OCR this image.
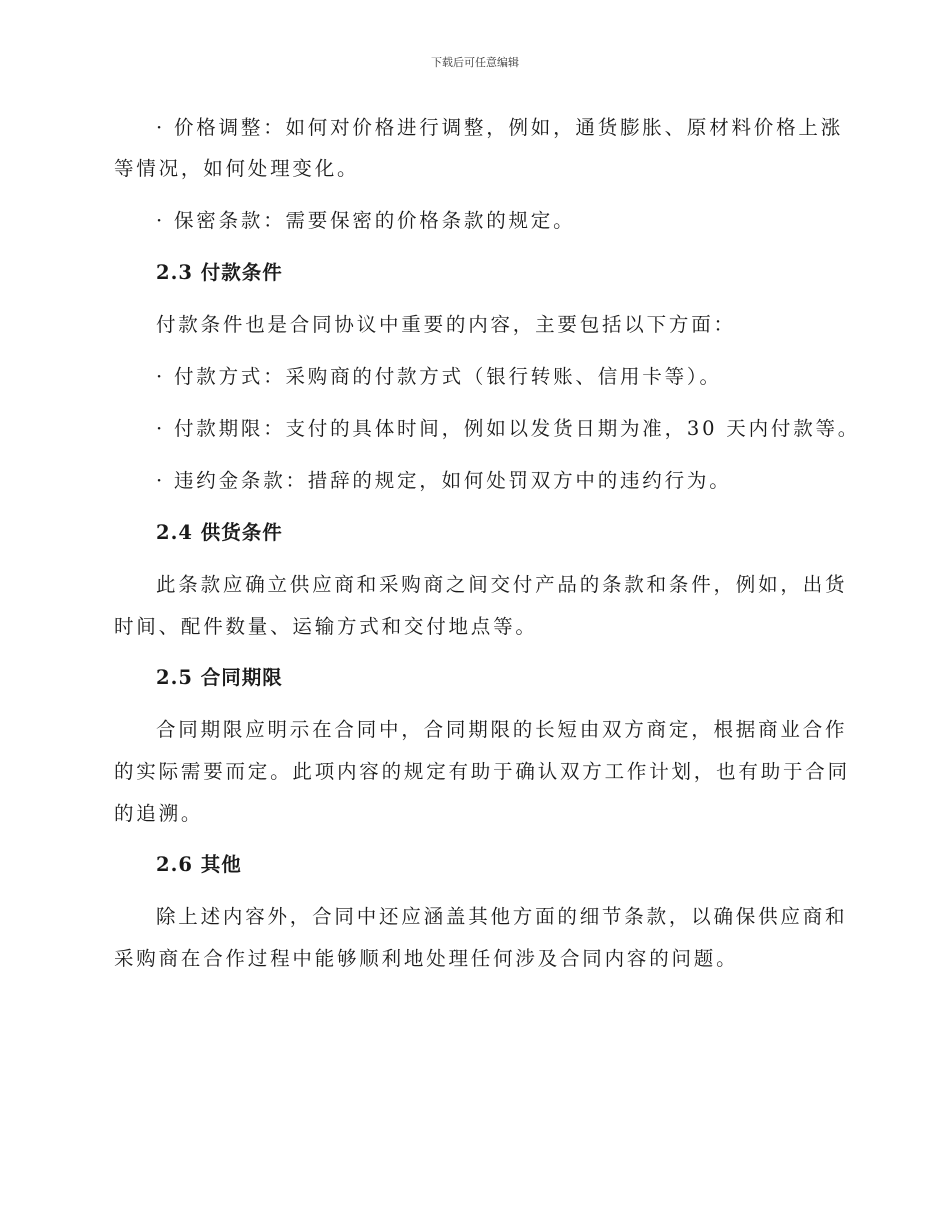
下载后可任意编辑
· 价格调整：如何对价格进行调整，例如，通货膨胀、原材料价格上涨
等情况，如何处理变化。
· 保密条款：需要保密的价格条款的规定。
2.3 付款条件
付款条件也是合同协议中重要的内容，主要包括以下方面：
· 付款方式：采购商的付款方式（银行转账、信用卡等）。
· 付款期限：支付的具体时间，例如以发货日期为准，30 天内付款等。
· 违约金条款：措辞的规定，如何处罚双方中的违约行为。
2.4 供货条件
此条款应确立供应商和采购商之间交付产品的条款和条件，例如，出货
时间、配件数量、运输方式和交付地点等。
2.5 合同期限
合同期限应明示在合同中，合同期限的长短由双方商定，根据商业合作
的实际需要而定。此项内容的规定有助于确认双方工作计划，也有助于合同
的追溯。
2.6 其他
除上述内容外，合同中还应涵盖其他方面的细节条款，以确保供应商和
采购商在合作过程中能够顺利地处理任何涉及合同内容的问题。
